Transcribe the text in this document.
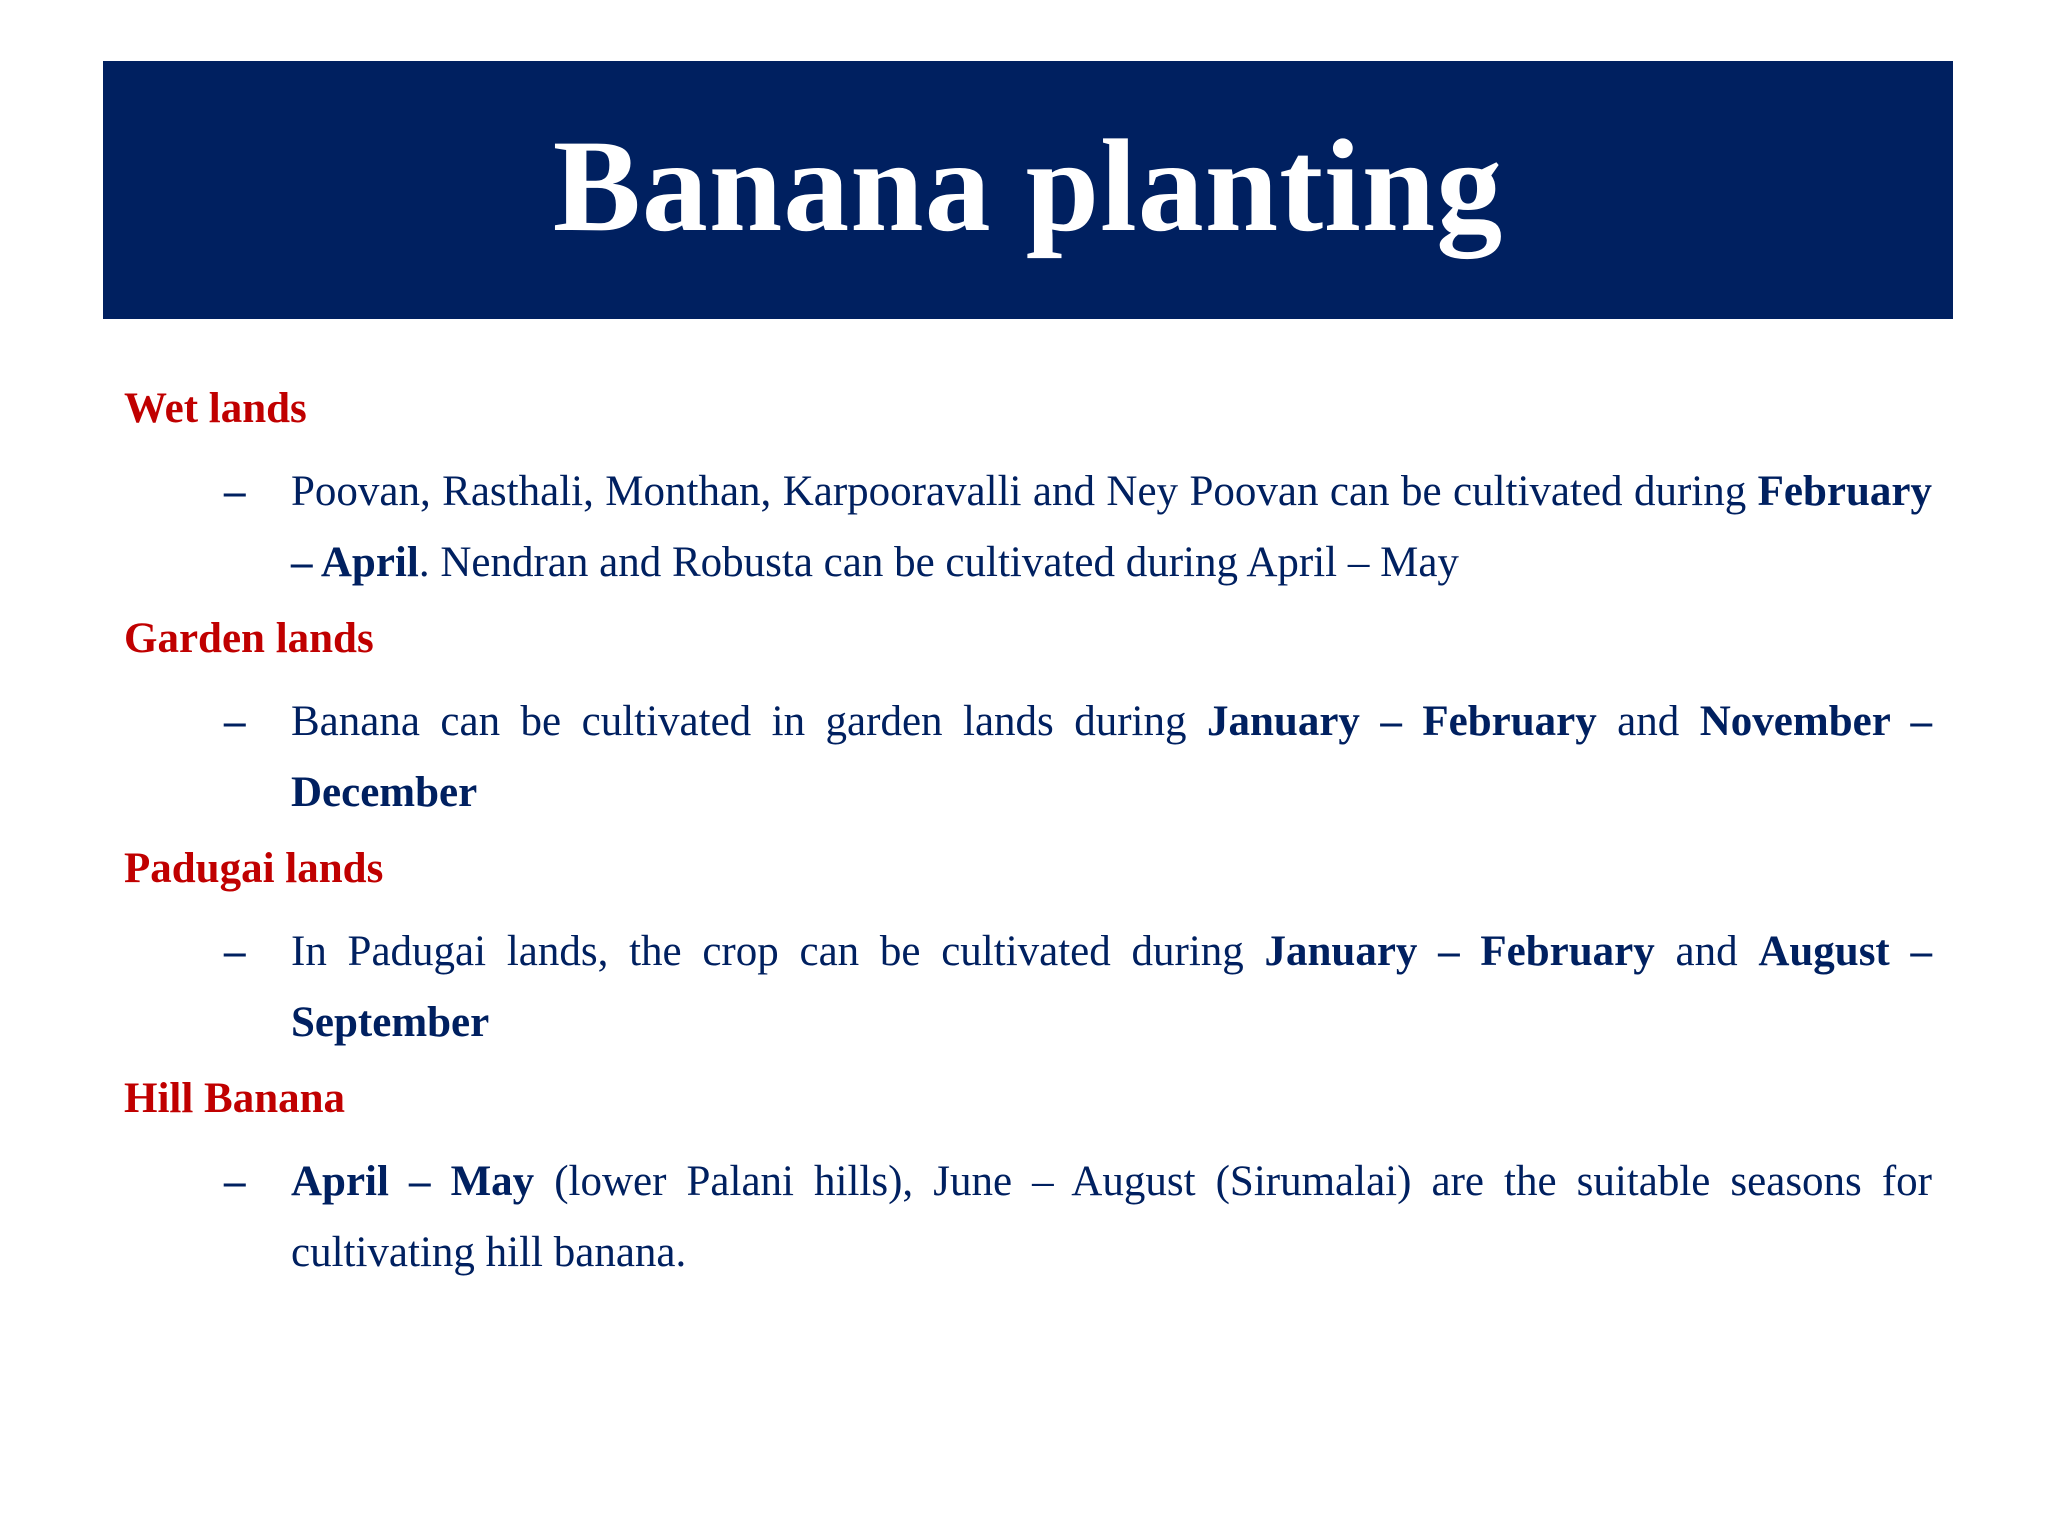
Banana planting
Wet lands
– Poovan, Rasthali, Monthan, Karpooravalli and Ney Poovan can be cultivated during February – April. Nendran and Robusta can be cultivated during April – May
Garden lands
– Banana can be cultivated in garden lands during January – February and November – December
Padugai lands
– In Padugai lands, the crop can be cultivated during January – February and August – September
Hill Banana
– April – May (lower Palani hills), June – August (Sirumalai) are the suitable seasons for cultivating hill banana.
